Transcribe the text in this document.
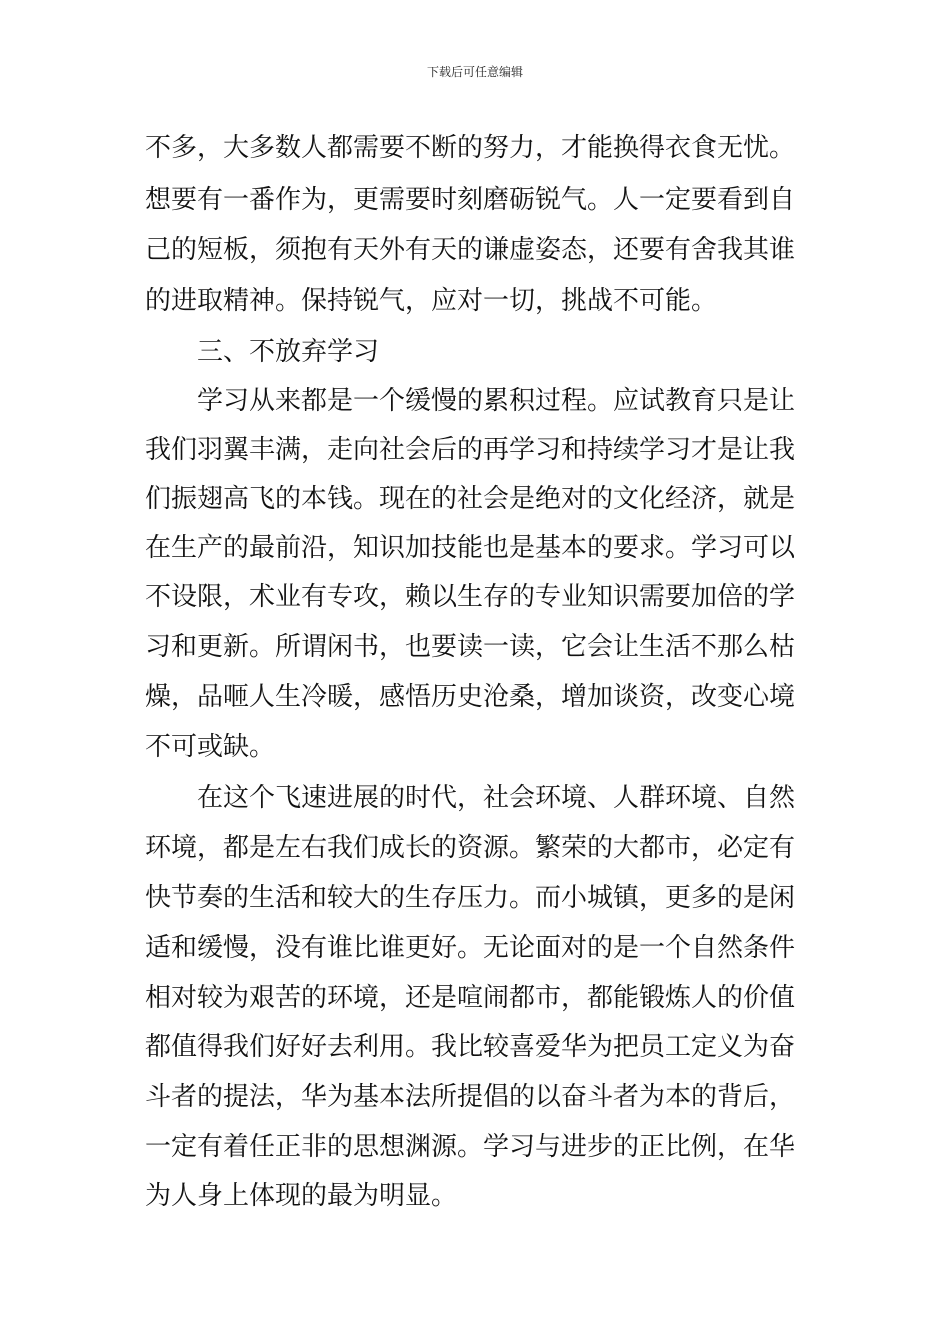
下载后可任意编辑
不多，大多数人都需要不断的努力，才能换得衣食无忧。
想要有一番作为，更需要时刻磨砺锐气。人一定要看到自
己的短板，须抱有天外有天的谦虚姿态，还要有舍我其谁
的进取精神。保持锐气，应对一切，挑战不可能。
三、不放弃学习
学习从来都是一个缓慢的累积过程。应试教育只是让
我们羽翼丰满，走向社会后的再学习和持续学习才是让我
们振翅高飞的本钱。现在的社会是绝对的文化经济，就是
在生产的最前沿，知识加技能也是基本的要求。学习可以
不设限，术业有专攻，赖以生存的专业知识需要加倍的学
习和更新。所谓闲书，也要读一读，它会让生活不那么枯
燥，品咂人生冷暖，感悟历史沧桑，增加谈资，改变心境
不可或缺。
在这个飞速进展的时代，社会环境、人群环境、自然
环境，都是左右我们成长的资源。繁荣的大都市，必定有
快节奏的生活和较大的生存压力。而小城镇，更多的是闲
适和缓慢，没有谁比谁更好。无论面对的是一个自然条件
相对较为艰苦的环境，还是喧闹都市，都能锻炼人的价值
都值得我们好好去利用。我比较喜爱华为把员工定义为奋
斗者的提法，华为基本法所提倡的以奋斗者为本的背后，
一定有着任正非的思想渊源。学习与进步的正比例，在华
为人身上体现的最为明显。
